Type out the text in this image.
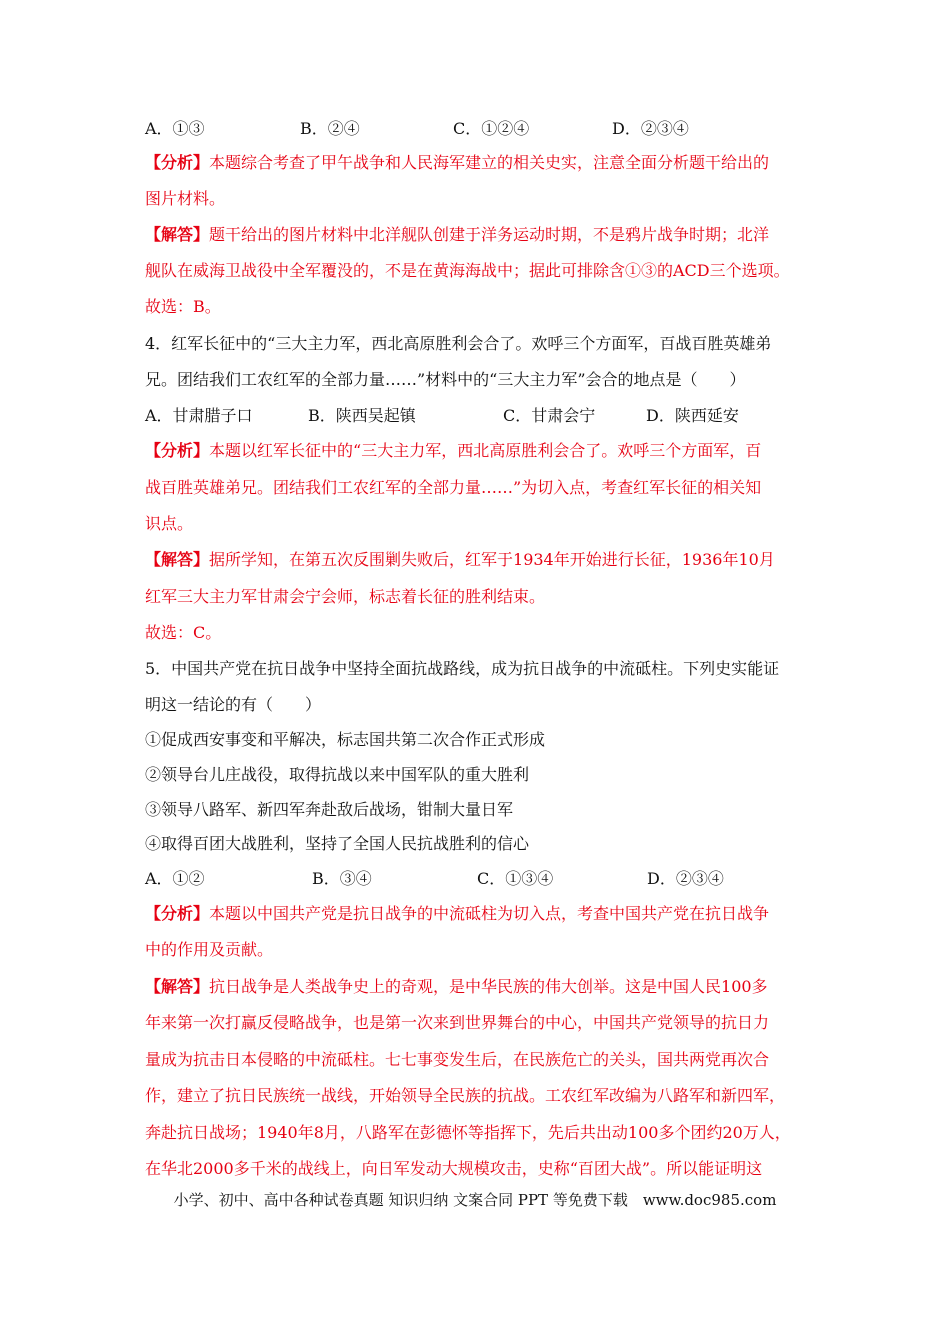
A．①③	B．②④	C．①②④	D．②③④
【分析】本题综合考查了甲午战争和人民海军建立的相关史实，注意全面分析题干给出的
图片材料。
【解答】题干给出的图片材料中北洋舰队创建于洋务运动时期，不是鸦片战争时期；北洋
舰队在威海卫战役中全军覆没的，不是在黄海海战中；据此可排除含①③的ACD三个选项。
故选：B。
4．红军长征中的“三大主力军，西北高原胜利会合了。欢呼三个方面军，百战百胜英雄弟
兄。团结我们工农红军的全部力量……”材料中的“三大主力军”会合的地点是（　　）
A．甘肃腊子口	B．陕西吴起镇	C．甘肃会宁	D．陕西延安
【分析】本题以红军长征中的“三大主力军，西北高原胜利会合了。欢呼三个方面军，百
战百胜英雄弟兄。团结我们工农红军的全部力量……”为切入点，考查红军长征的相关知
识点。
【解答】据所学知，在第五次反围剿失败后，红军于1934年开始进行长征，1936年10月
红军三大主力军甘肃会宁会师，标志着长征的胜利结束。
故选：C。
5．中国共产党在抗日战争中坚持全面抗战路线，成为抗日战争的中流砥柱。下列史实能证
明这一结论的有（　　）
①促成西安事变和平解决，标志国共第二次合作正式形成
②领导台儿庄战役，取得抗战以来中国军队的重大胜利
③领导八路军、新四军奔赴敌后战场，钳制大量日军
④取得百团大战胜利，坚持了全国人民抗战胜利的信心
A．①②	B．③④	C．①③④	D．②③④
【分析】本题以中国共产党是抗日战争的中流砥柱为切入点，考查中国共产党在抗日战争
中的作用及贡献。
【解答】抗日战争是人类战争史上的奇观，是中华民族的伟大创举。这是中国人民100多
年来第一次打赢反侵略战争，也是第一次来到世界舞台的中心，中国共产党领导的抗日力
量成为抗击日本侵略的中流砥柱。七七事变发生后，在民族危亡的关头，国共两党再次合
作，建立了抗日民族统一战线，开始领导全民族的抗战。工农红军改编为八路军和新四军，
奔赴抗日战场；1940年8月，八路军在彭德怀等指挥下，先后共出动100多个团约20万人，
在华北2000多千米的战线上，向日军发动大规模攻击，史称“百团大战”。所以能证明这
小学、初中、高中各种试卷真题 知识归纳 文案合同 PPT 等免费下载　www.doc985.com
